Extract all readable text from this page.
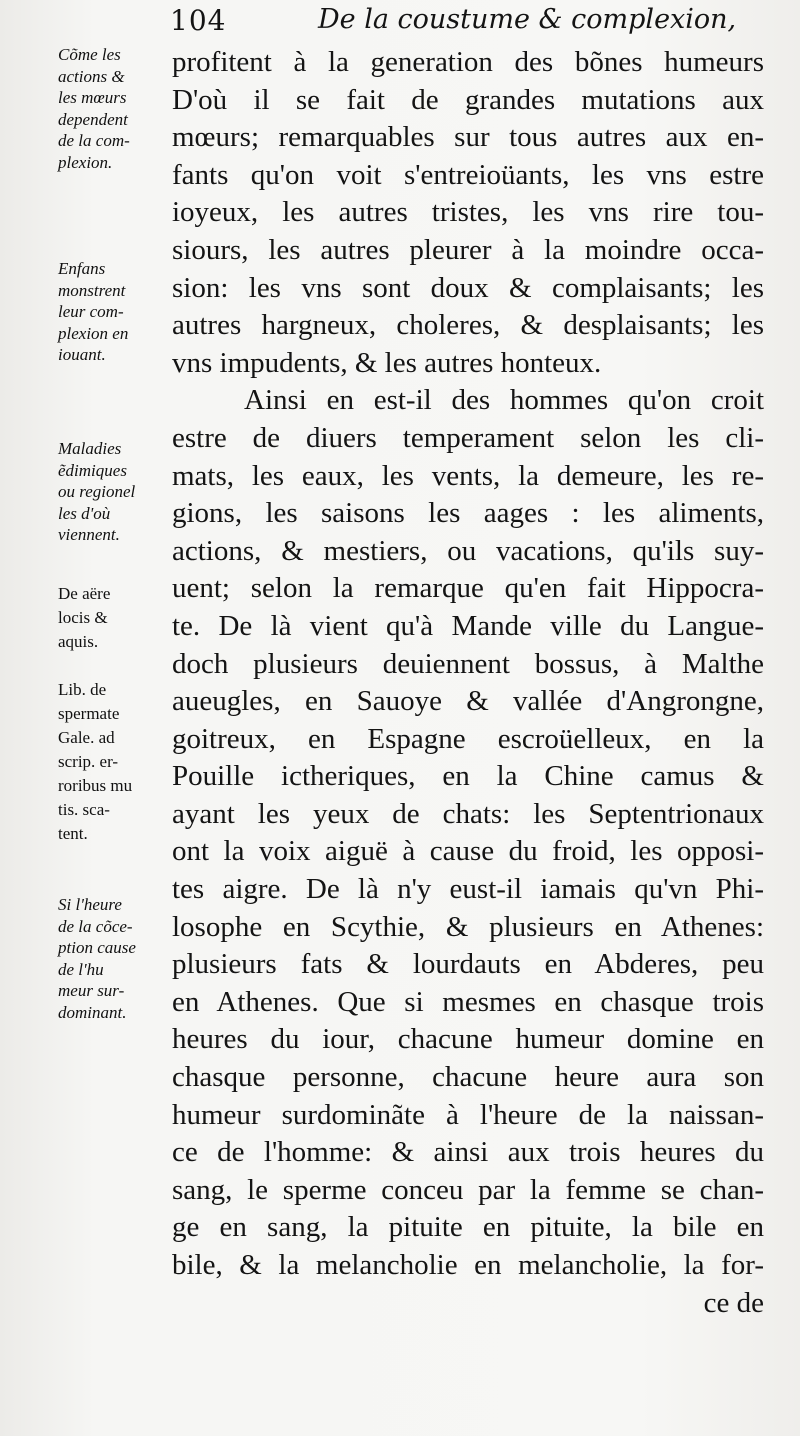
104	De la coustume & complexion,
Cõme les
actions &
les mœurs
dependent
de la com-
plexion.
Enfans
monstrent
leur com-
plexion en
iouant.
Maladies
ẽdimiques
ou regionel
les d'où
viennent.
De aëre
locis &
aquis.
Lib. de
spermate
Gale. ad
scrip. er-
roribus mu
tis. sca-
tent.
Si l'heure
de la cõce-
ption cause
de l'hu
meur sur-
dominant.
profitent à la generation des bõnes humeurs
D'où il se fait de grandes mutations aux
mœurs; remarquables sur tous autres aux en-
fants qu'on voit s'entreioüants, les vns estre
ioyeux, les autres tristes, les vns rire tou-
siours, les autres pleurer à la moindre occa-
sion: les vns sont doux & complaisants; les
autres hargneux, choleres, & desplaisants; les
vns impudents, & les autres honteux.
Ainsi en est-il des hommes qu'on croit
estre de diuers temperament selon les cli-
mats, les eaux, les vents, la demeure, les re-
gions, les saisons les aages : les aliments,
actions, & mestiers, ou vacations, qu'ils suy-
uent; selon la remarque qu'en fait Hippocra-
te. De là vient qu'à Mande ville du Langue-
doch plusieurs deuiennent bossus, à Malthe
aueugles, en Sauoye & vallée d'Angrongne,
goitreux, en Espagne escroüelleux, en la
Pouille ictheriques, en la Chine camus &
ayant les yeux de chats: les Septentrionaux
ont la voix aiguë à cause du froid, les opposi-
tes aigre. De là n'y eust-il iamais qu'vn Phi-
losophe en Scythie, & plusieurs en Athenes:
plusieurs fats & lourdauts en Abderes, peu
en Athenes. Que si mesmes en chasque trois
heures du iour, chacune humeur domine en
chasque personne, chacune heure aura son
humeur surdominãte à l'heure de la naissan-
ce de l'homme: & ainsi aux trois heures du
sang, le sperme conceu par la femme se chan-
ge en sang, la pituite en pituite, la bile en
bile, & la melancholie en melancholie, la for-
ce de
